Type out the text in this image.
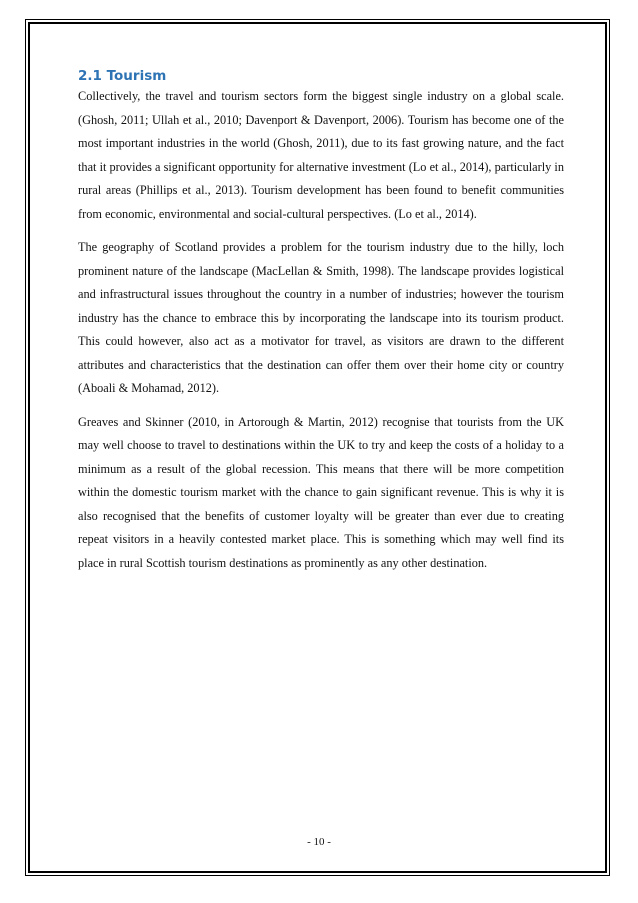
2.1 Tourism

Collectively, the travel and tourism sectors form the biggest single industry on a global scale. (Ghosh, 2011; Ullah et al., 2010; Davenport & Davenport, 2006). Tourism has become one of the most important industries in the world (Ghosh, 2011), due to its fast growing nature, and the fact that it provides a significant opportunity for alternative investment (Lo et al., 2014), particularly in rural areas (Phillips et al., 2013). Tourism development has been found to benefit communities from economic, environmental and social-cultural perspectives. (Lo et al., 2014).

The geography of Scotland provides a problem for the tourism industry due to the hilly, loch prominent nature of the landscape (MacLellan & Smith, 1998). The landscape provides logistical and infrastructural issues throughout the country in a number of industries; however the tourism industry has the chance to embrace this by incorporating the landscape into its tourism product. This could however, also act as a motivator for travel, as visitors are drawn to the different attributes and characteristics that the destination can offer them over their home city or country (Aboali & Mohamad, 2012).

Greaves and Skinner (2010, in Artorough & Martin, 2012) recognise that tourists from the UK may well choose to travel to destinations within the UK to try and keep the costs of a holiday to a minimum as a result of the global recession. This means that there will be more competition within the domestic tourism market with the chance to gain significant revenue. This is why it is also recognised that the benefits of customer loyalty will be greater than ever due to creating repeat visitors in a heavily contested market place. This is something which may well find its place in rural Scottish tourism destinations as prominently as any other destination.

- 10 -
